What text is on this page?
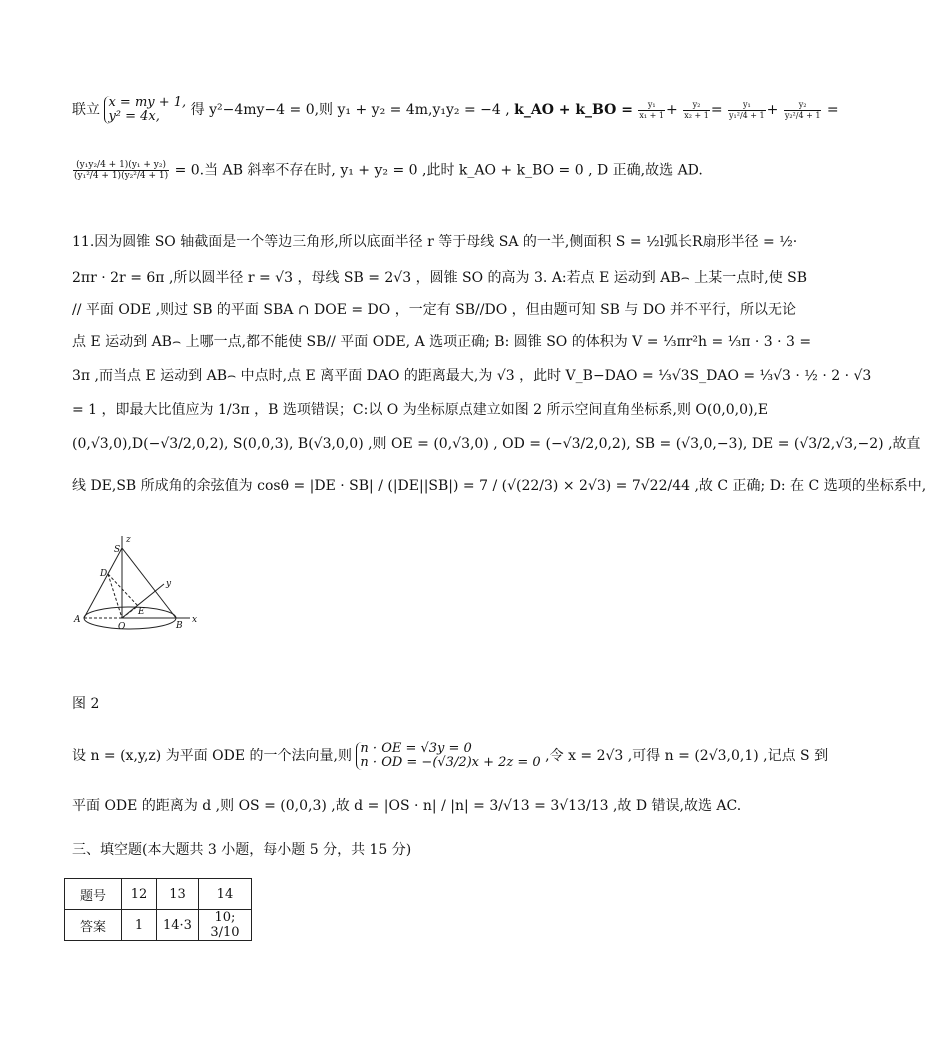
联立 x = my + 1,
y² = 4x, 得 y²−4my−4 = 0,则 y₁ + y₂ = 4m,y₁y₂ = −4 , k_AO + k_BO = $\frac{\text{y₁}}{\text{x₁ + 1}} + \frac{\text{y₂}}{\text{x₂ + 1}} = \frac{\text{y₁}}{\text{y₁²/4 + 1}} + \frac{\text{y₂}}{\text{y₂²/4 + 1}}$ =
$\frac{\text{(y₁y₂/4 + 1)(y₁ + y₂)}}{\text{(y₁²/4 + 1)(y₂²/4 + 1)}} = 0$.当 AB 斜率不存在时, y₁ + y₂ = 0 ,此时 k_AO + k_BO = 0 , D 正确,故选 AD.
11.因为圆锥 SO 轴截面是一个等边三角形,所以底面半径 r 等于母线 SA 的一半,侧面积 S = ½l弧长R扇形半径 = ½·
2πr · 2r = 6π ,所以圆半径 r = √3 ，母线 SB = 2√3 ，圆锥 SO 的高为 3. A:若点 E 运动到 AB⌢ 上某一点时,使 SB
// 平面 ODE ,则过 SB 的平面 SBA ∩ DOE = DO ，一定有 SB//DO ，但由题可知 SB 与 DO 并不平行，所以无论
点 E 运动到 AB⌢ 上哪一点,都不能使 SB// 平面 ODE, A 选项正确; B: 圆锥 SO 的体积为 V = ⅓πr²h = ⅓π · 3 · 3 =
3π ,而当点 E 运动到 AB⌢ 中点时,点 E 离平面 DAO 的距离最大,为 √3 ，此时 V_B−DAO = ⅓√3S_DAO = ⅓√3 · ½ · 2 · √3
= 1 ，即最大比值应为 1/3π ，B 选项错误；C:以 O 为坐标原点建立如图 2 所示空间直角坐标系,则 O(0,0,0),E
(0,√3,0),D(−√3/2,0,2), S(0,0,3), B(√3,0,0) ,则 OE = (0,√3,0) , OD = (−√3/2,0,2), SB = (√3,0,−3), DE = (√3/2,√3,−2) ,故直
线 DE,SB 所成角的余弦值为 cosθ = |DE · SB| / (|DE||SB|) = 7 / (√(22/3) × 2√3) = 7√22/44 ,故 C 正确; D: 在 C 选项的坐标系中,
S
z
D
y
E
A
O	B
x
图 2
设 n = (x,y,z) 为平面 ODE 的一个法向量,则 n · OE = √3y = 0
n · OD = −(√3/2)x + 2z = 0 ,令 x = 2√3 ,可得 n = (2√3,0,1) ,记点 S 到
平面 ODE 的距离为 d ,则 OS = (0,0,3) ,故 d = |OS · n| / |n| = 3/√13 = 3√13/13 ,故 D 错误,故选 AC.
三、填空题(本大题共 3 小题，每小题 5 分，共 15 分)
题号	12	13	14
答案	1	14·3	10; 3/10
